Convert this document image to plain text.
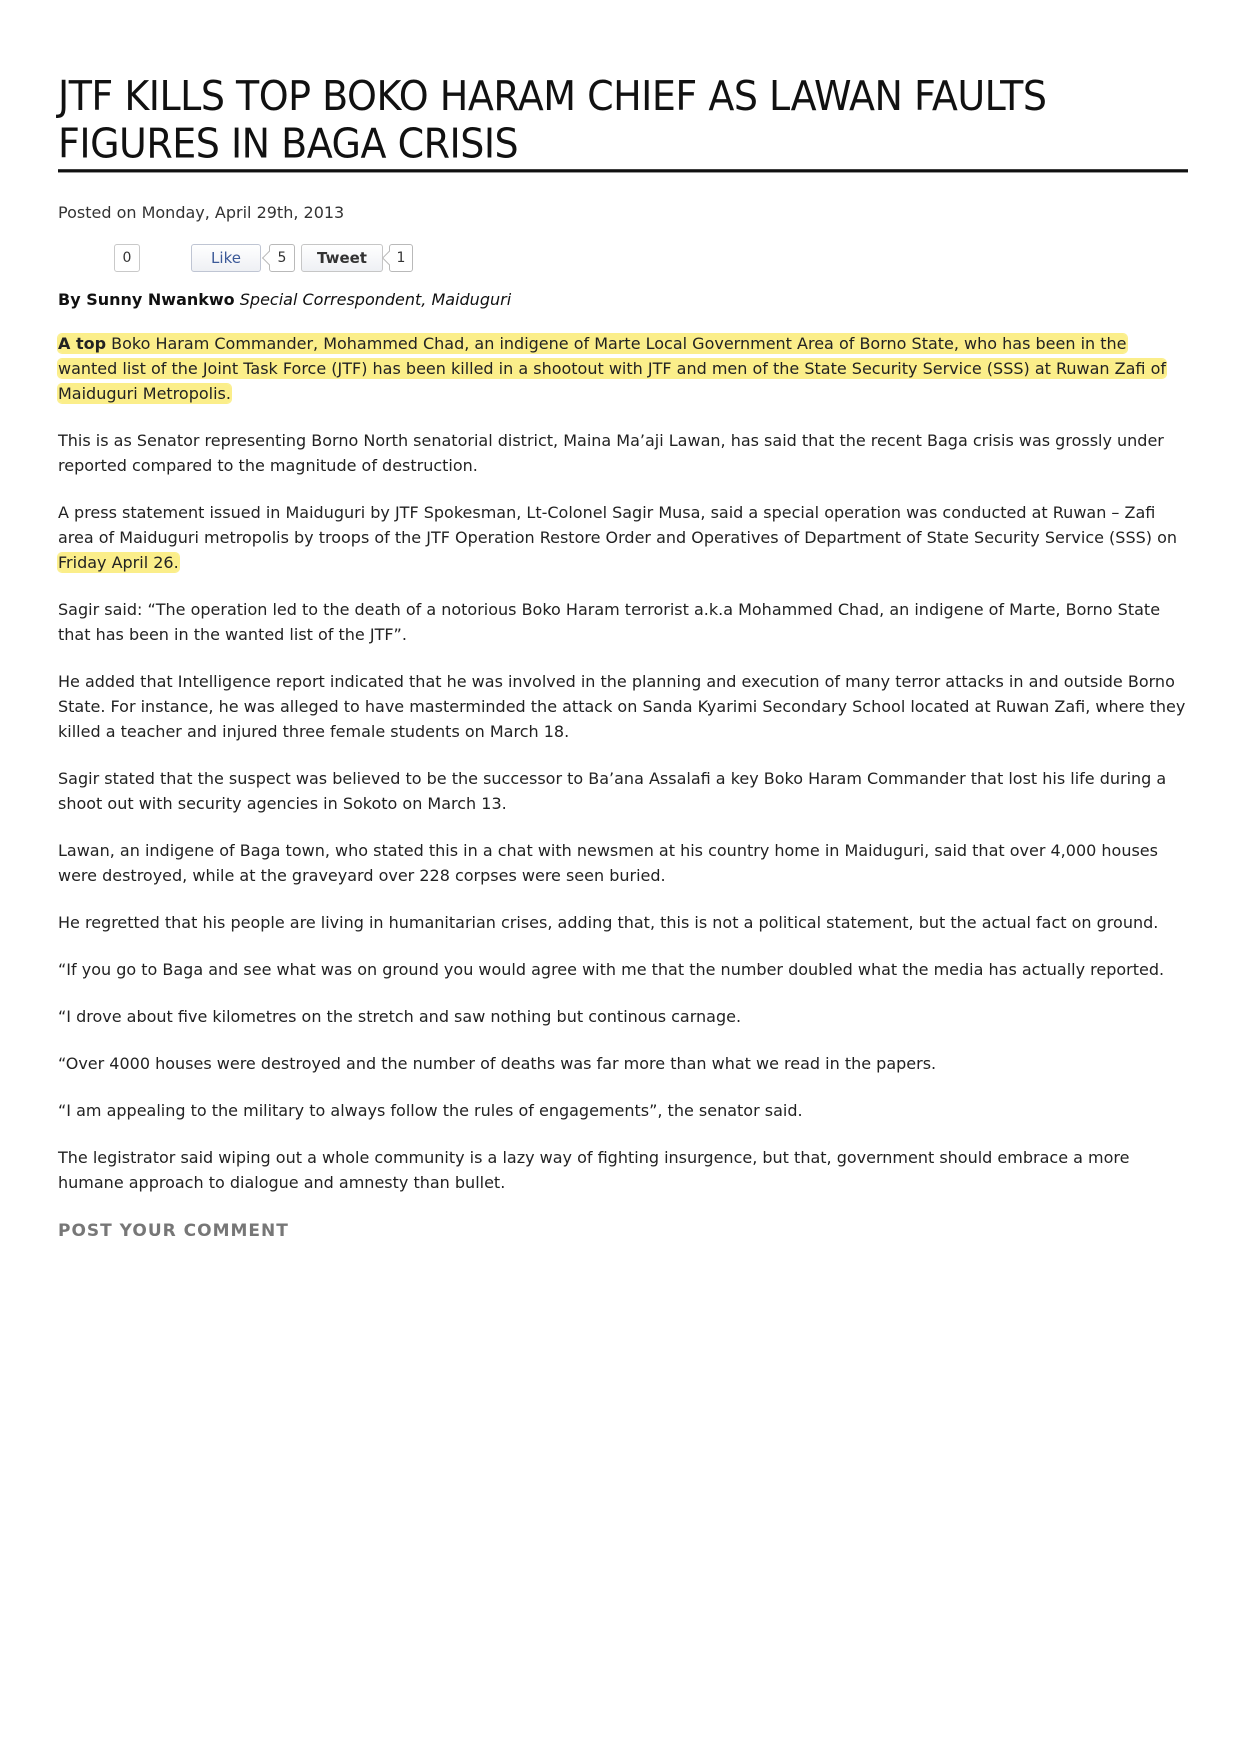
JTF KILLS TOP BOKO HARAM CHIEF AS LAWAN FAULTS FIGURES IN BAGA CRISIS
Posted on Monday, April 29th, 2013
0	Like	5	Tweet	1
By Sunny Nwankwo Special Correspondent, Maiduguri

A top Boko Haram Commander, Mohammed Chad, an indigene of Marte Local Government Area of Borno State, who has been in the wanted list of the Joint Task Force (JTF) has been killed in a shootout with JTF and men of the State Security Service (SSS) at Ruwan Zafi of Maiduguri Metropolis.

This is as Senator representing Borno North senatorial district, Maina Ma’aji Lawan, has said that the recent Baga crisis was grossly under reported compared to the magnitude of destruction.

A press statement issued in Maiduguri by JTF Spokesman, Lt-Colonel Sagir Musa, said a special operation was conducted at Ruwan – Zafi area of Maiduguri metropolis by troops of the JTF Operation Restore Order and Operatives of Department of State Security Service (SSS) on Friday April 26.

Sagir said: “The operation led to the death of a notorious Boko Haram terrorist a.k.a Mohammed Chad, an indigene of Marte, Borno State that has been in the wanted list of the JTF”.

He added that Intelligence report indicated that he was involved in the planning and execution of many terror attacks in and outside Borno State. For instance, he was alleged to have masterminded the attack on Sanda Kyarimi Secondary School located at Ruwan Zafi, where they killed a teacher and injured three female students on March 18.

Sagir stated that the suspect was believed to be the successor to Ba’ana Assalafi a key Boko Haram Commander that lost his life during a shoot out with security agencies in Sokoto on March 13.

Lawan, an indigene of Baga town, who stated this in a chat with newsmen at his country home in Maiduguri, said that over 4,000 houses were destroyed, while at the graveyard over 228 corpses were seen buried.

He regretted that his people are living in humanitarian crises, adding that, this is not a political statement, but the actual fact on ground.

“If you go to Baga and see what was on ground you would agree with me that the number doubled what the media has actually reported.

“I drove about five kilometres on the stretch and saw nothing but continous carnage.

“Over 4000 houses were destroyed and the number of deaths was far more than what we read in the papers.

“I am appealing to the military to always follow the rules of engagements”, the senator said.

The legistrator said wiping out a whole community is a lazy way of fighting insurgence, but that, government should embrace a more humane approach to dialogue and amnesty than bullet.

POST YOUR COMMENT
